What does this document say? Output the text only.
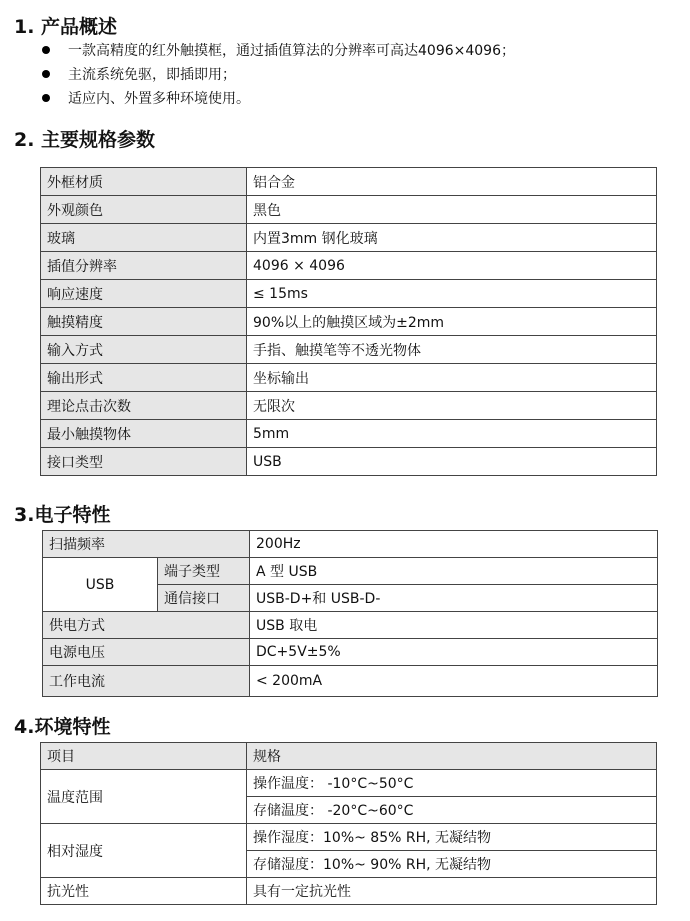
1. 产品概述
一款高精度的红外触摸框，通过插值算法的分辨率可高达4096×4096；
主流系统免驱，即插即用；
适应内、外置多种环境使用。
2. 主要规格参数
外框材质	铝合金
外观颜色	黑色
玻璃	内置3mm 钢化玻璃
插值分辨率	4096 × 4096
响应速度	≤ 15ms
触摸精度	90%以上的触摸区域为±2mm
输入方式	手指、触摸笔等不透光物体
输出形式	坐标输出
理论点击次数	无限次
最小触摸物体	5mm
接口类型	USB
3.电子特性
扫描频率		200Hz
USB	端子类型	A 型 USB
	通信接口	USB-D+和 USB-D-
供电方式		USB 取电
电源电压		DC+5V±5%
工作电流		< 200mA
4.环境特性
项目	规格
温度范围	操作温度： -10°C~50°C
	存储温度： -20°C~60°C
相对湿度	操作湿度：10%~ 85% RH, 无凝结物
	存储湿度：10%~ 90% RH, 无凝结物
抗光性	具有一定抗光性
